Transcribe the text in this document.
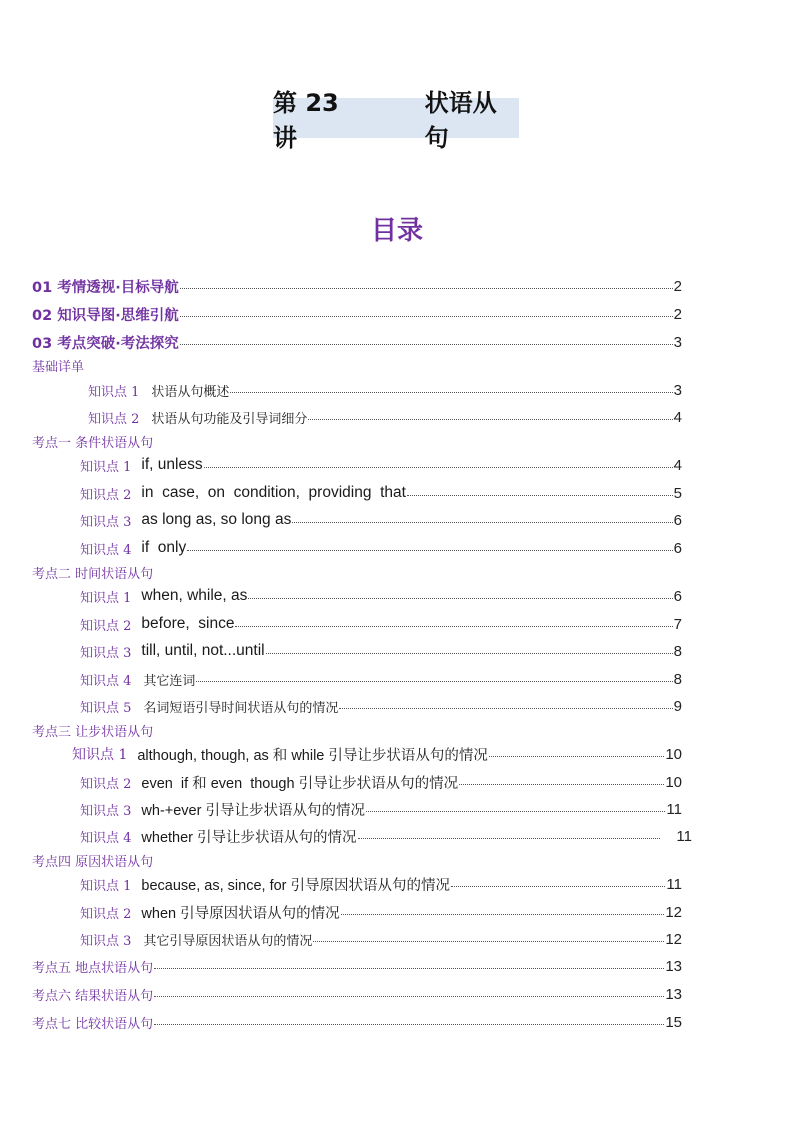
第 23 讲
状语从句
目录
01 考情透视·目标导航	2
02 知识导图·思维引航	2
03 考点突破·考法探究	3
基础详单
知识点 1 状语从句概述	3
知识点 2 状语从句功能及引导词细分	4
考点一 条件状语从句
知识点 1 if, unless	4
知识点 2 in  case,  on  condition,  providing  that	5
知识点 3 as long as, so long as	6
知识点 4 if  only	6
考点二 时间状语从句
知识点 1 when, while, as	6
知识点 2 before,  since	7
知识点 3 till, until, not...until	8
知识点 4 其它连词	8
知识点 5 名词短语引导时间状语从句的情况	9
考点三 让步状语从句
知识点 1 although, though, as 和 while 引导让步状语从句的情况	10
知识点 2 even  if 和 even  though 引导让步状语从句的情况	10
知识点 3 wh-+ever 引导让步状语从句的情况	11
知识点 4 whether 引导让步状语从句的情况	11
考点四 原因状语从句
知识点 1 because, as, since, for 引导原因状语从句的情况	11
知识点 2 when 引导原因状语从句的情况	12
知识点 3 其它引导原因状语从句的情况	12
考点五 地点状语从句	13
考点六 结果状语从句	13
考点七 比较状语从句	15
